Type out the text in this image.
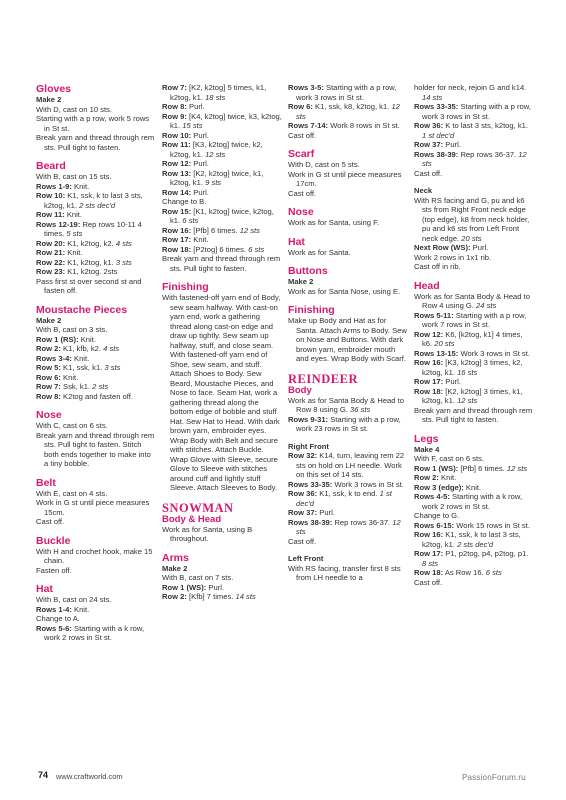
Gloves
Make 2

With D, cast on 10 sts.

Starting with a p row, work 5 rows in St st.

Break yarn and thread through rem sts. Pull tight to fasten.

Beard

With B, cast on 15 sts.

Rows 1-9: Knit.

Row 10: K1, ssk, k to last 3 sts, k2tog, k1. 2 sts dec'd

Row 11: Knit.

Rows 12-19: Rep rows 10-11 4 times. 5 sts

Row 20: K1, k2tog, k2. 4 sts

Row 21: Knit.

Row 22: K1, k2tog, k1. 3 sts

Row 23: K1, k2tog. 2sts

Pass first st over second st and fasten off.

Moustache Pieces
Make 2

With B, cast on 3 sts.

Row 1 (RS): Knit.

Row 2: K1, kfb, k2. 4 sts

Rows 3-4: Knit.

Row 5: K1, ssk, k1. 3 sts

Row 6: Knit.

Row 7: Ssk, k1. 2 sts

Row 8: K2tog and fasten off.

Nose

With C, cast on 6 sts.

Break yarn and thread through rem sts. Pull tight to fasten. Stitch both ends together to make into a tiny bobble.

Belt

With E, cast on 4 sts.

Work in G st until piece measures 15cm.

Cast off.

Buckle

With H and crochet hook, make 15 chain.

Fasten off.

Hat

With B, cast on 24 sts.

Rows 1-4: Knit.

Change to A.

Rows 5-6: Starting with a k row, work 2 rows in St st.

Row 7: [K2, k2tog] 5 times, k1, k2tog, k1. 18 sts

Row 8: Purl.

Row 9: [K4, k2tog] twice, k3, k2tog, k1. 15 sts

Row 10: Purl.

Row 11: [K3, k2tog] twice, k2, k2tog, k1. 12 sts

Row 12: Purl.

Row 13: [K2, k2tog] twice, k1, k2tog, k1. 9 sts

Row 14: Purl.

Change to B.

Row 15: [K1, k2tog] twice, k2tog, k1. 6 sts

Row 16: [Pfb] 6 times. 12 sts

Row 17: Knit.

Row 18: [P2tog] 6 times. 6 sts

Break yarn and thread through rem sts. Pull tight to fasten.

Finishing

With fastened-off yarn end of Body, sew seam halfway. With cast-on yarn end, work a gathering thread along cast-on edge and draw up tightly. Sew seam up halfway, stuff, and close seam. With fastened-off yarn end of Shoe, sew seam, and stuff. Attach Shoes to Body. Sew Beard, Moustache Pieces, and Nose to face. Seam Hat, work a gathering thread along the bottom edge of bobble and stuff Hat. Sew Hat to Head. With dark brown yarn, embroider eyes. Wrap Body with Belt and secure with stitches. Attach Buckle. Wrap Glove with Sleeve, secure Glove to Sleeve with stitches around cuff and lightly stuff Sleeve. Attach Sleeves to Body.

SNOWMAN
Body & Head

Work as for Santa, using B throughout.

Arms
Make 2

With B, cast on 7 sts.

Row 1 (WS): Purl.

Row 2: [Kfb] 7 times. 14 sts

Rows 3-5: Starting with a p row, work 3 rows in St st.

Row 6: K1, ssk, k8, k2tog, k1. 12 sts

Rows 7-14: Work 8 rows in St st.

Cast off.

Scarf

With D, cast on 5 sts.

Work in G st until piece measures 17cm.

Cast off.

Nose

Work as for Santa, using F.

Hat

Work as for Santa.

Buttons
Make 2

Work as for Santa Nose, using E.

Finishing

Make up Body and Hat as for Santa. Attach Arms to Body. Sew on Nose and Buttons. With dark brown yarn, embroider mouth and eyes. Wrap Body with Scarf.

REINDEER
Body

Work as for Santa Body & Head to Row 8 using G. 36 sts

Rows 9-31: Starting with a p row, work 23 rows in St st.

Right Front

Row 32: K14, turn, leaving rem 22 sts on hold on LH needle. Work on this set of 14 sts.

Rows 33-35: Work 3 rows in St st.

Row 36: K1, ssk, k to end. 1 st dec'd

Row 37: Purl.

Rows 38-39: Rep rows 36-37. 12 sts

Cast off.

Left Front

With RS facing, transfer first 8 sts from LH needle to a

holder for neck, rejoin G and k14. 14 sts

Rows 33-35: Starting with a p row, work 3 rows in St st.

Row 36: K to last 3 sts, k2tog, k1. 1 st dec'd

Row 37: Purl.

Rows 38-39: Rep rows 36-37. 12 sts

Cast off.

Neck

With RS facing and G, pu and k6 sts from Right Front neck edge (top edge), k8 from neck holder, pu and k6 sts from Left Front neck edge. 20 sts

Next Row (WS): Purl.

Work 2 rows in 1x1 rib.

Cast off in rib.

Head

Work as for Santa Body & Head to Row 4 using G. 24 sts

Rows 5-11: Starting with a p row, work 7 rows in St st.

Row 12: K6, [k2tog, k1] 4 times, k6. 20 sts

Rows 13-15: Work 3 rows in St st.

Row 16: [K3, k2tog] 3 times, k2, k2tog, k1. 16 sts

Row 17: Purl.

Row 18: [K2, k2tog] 3 times, k1, k2tog, k1. 12 sts

Break yarn and thread through rem sts. Pull tight to fasten.

Legs
Make 4

With F, cast on 6 sts.

Row 1 (WS): [Pfb] 6 times. 12 sts

Row 2: Knit.

Row 3 (edge): Knit.

Rows 4-5: Starting with a k row, work 2 rows in St st.

Change to G.

Rows 6-15: Work 15 rows in St st.

Row 16: K1, ssk, k to last 3 sts, k2tog, k1. 2 sts dec'd

Row 17: P1, p2tog, p4, p2tog, p1. 8 sts

Row 18: As Row 16. 6 sts

Cast off.

74 www.craftworld.com	PassionForum.ru
